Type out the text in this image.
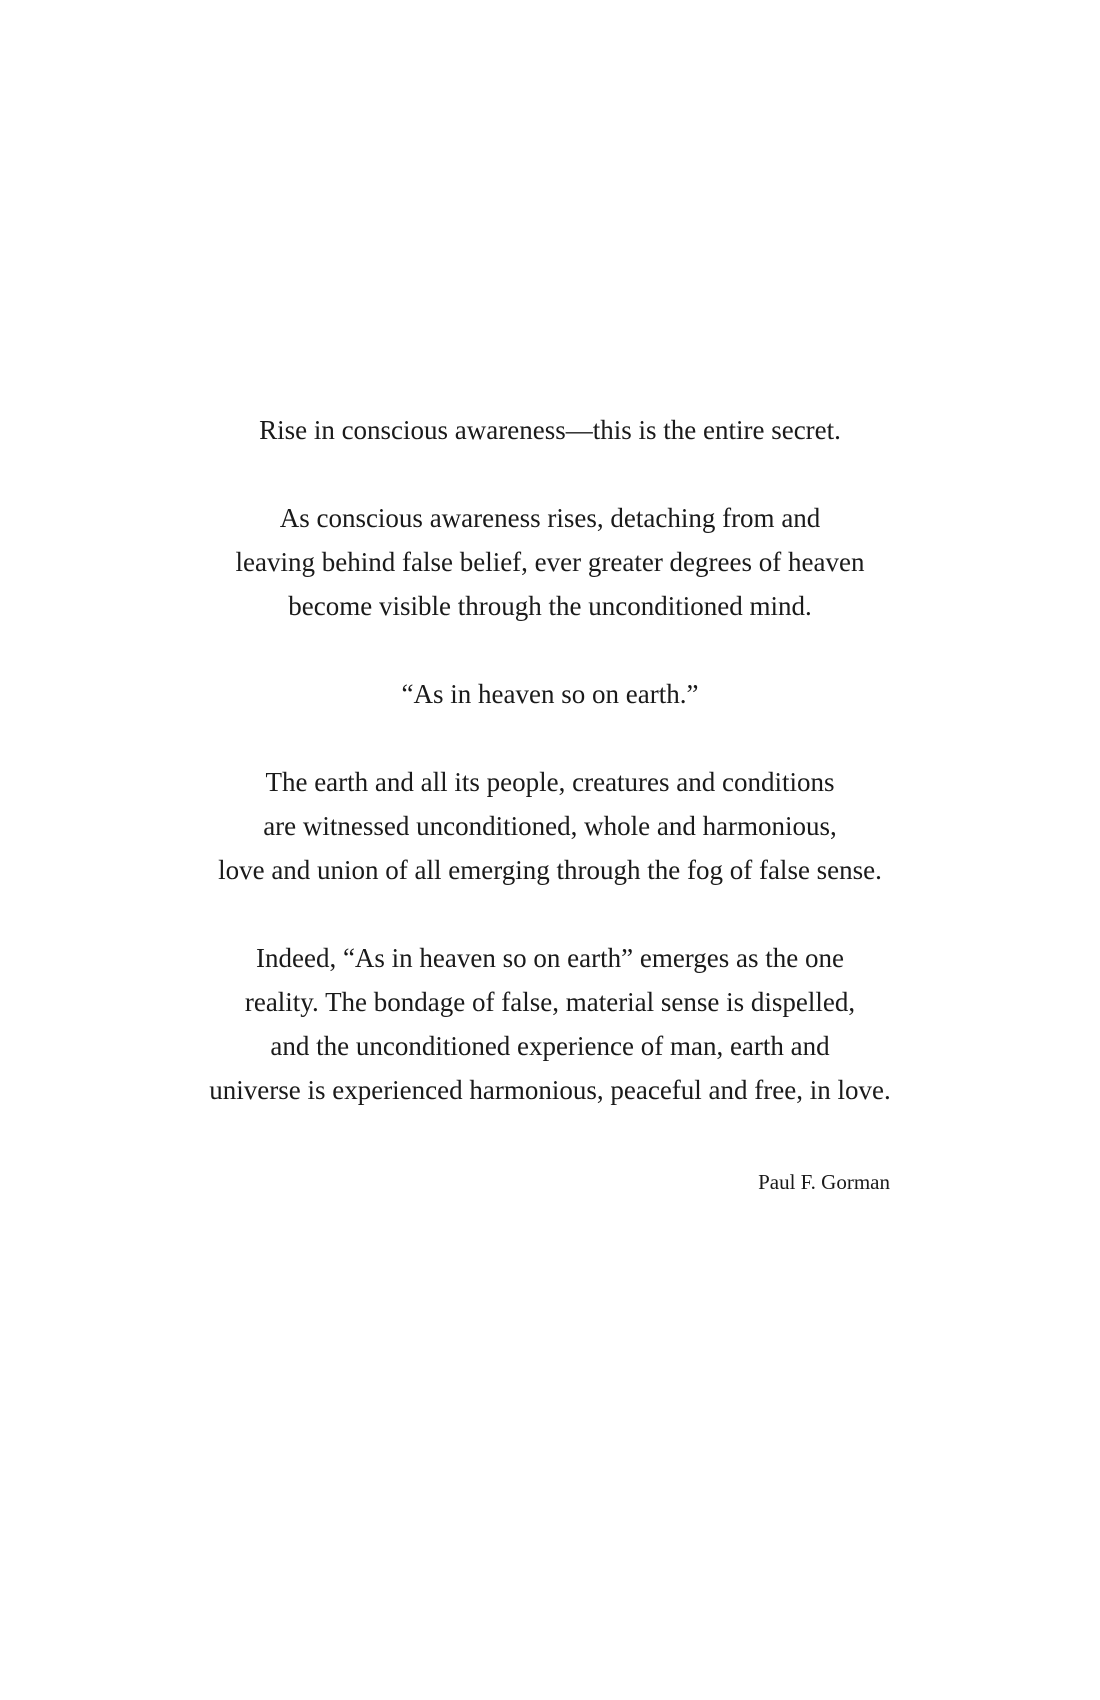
Rise in conscious awareness—this is the entire secret.

As conscious awareness rises, detaching from and
leaving behind false belief, ever greater degrees of heaven
become visible through the unconditioned mind.

“As in heaven so on earth.”

The earth and all its people, creatures and conditions
are witnessed unconditioned, whole and harmonious,
love and union of all emerging through the fog of false sense.

Indeed, “As in heaven so on earth” emerges as the one
reality. The bondage of false, material sense is dispelled,
and the unconditioned experience of man, earth and
universe is experienced harmonious, peaceful and free, in love.

Paul F. Gorman
